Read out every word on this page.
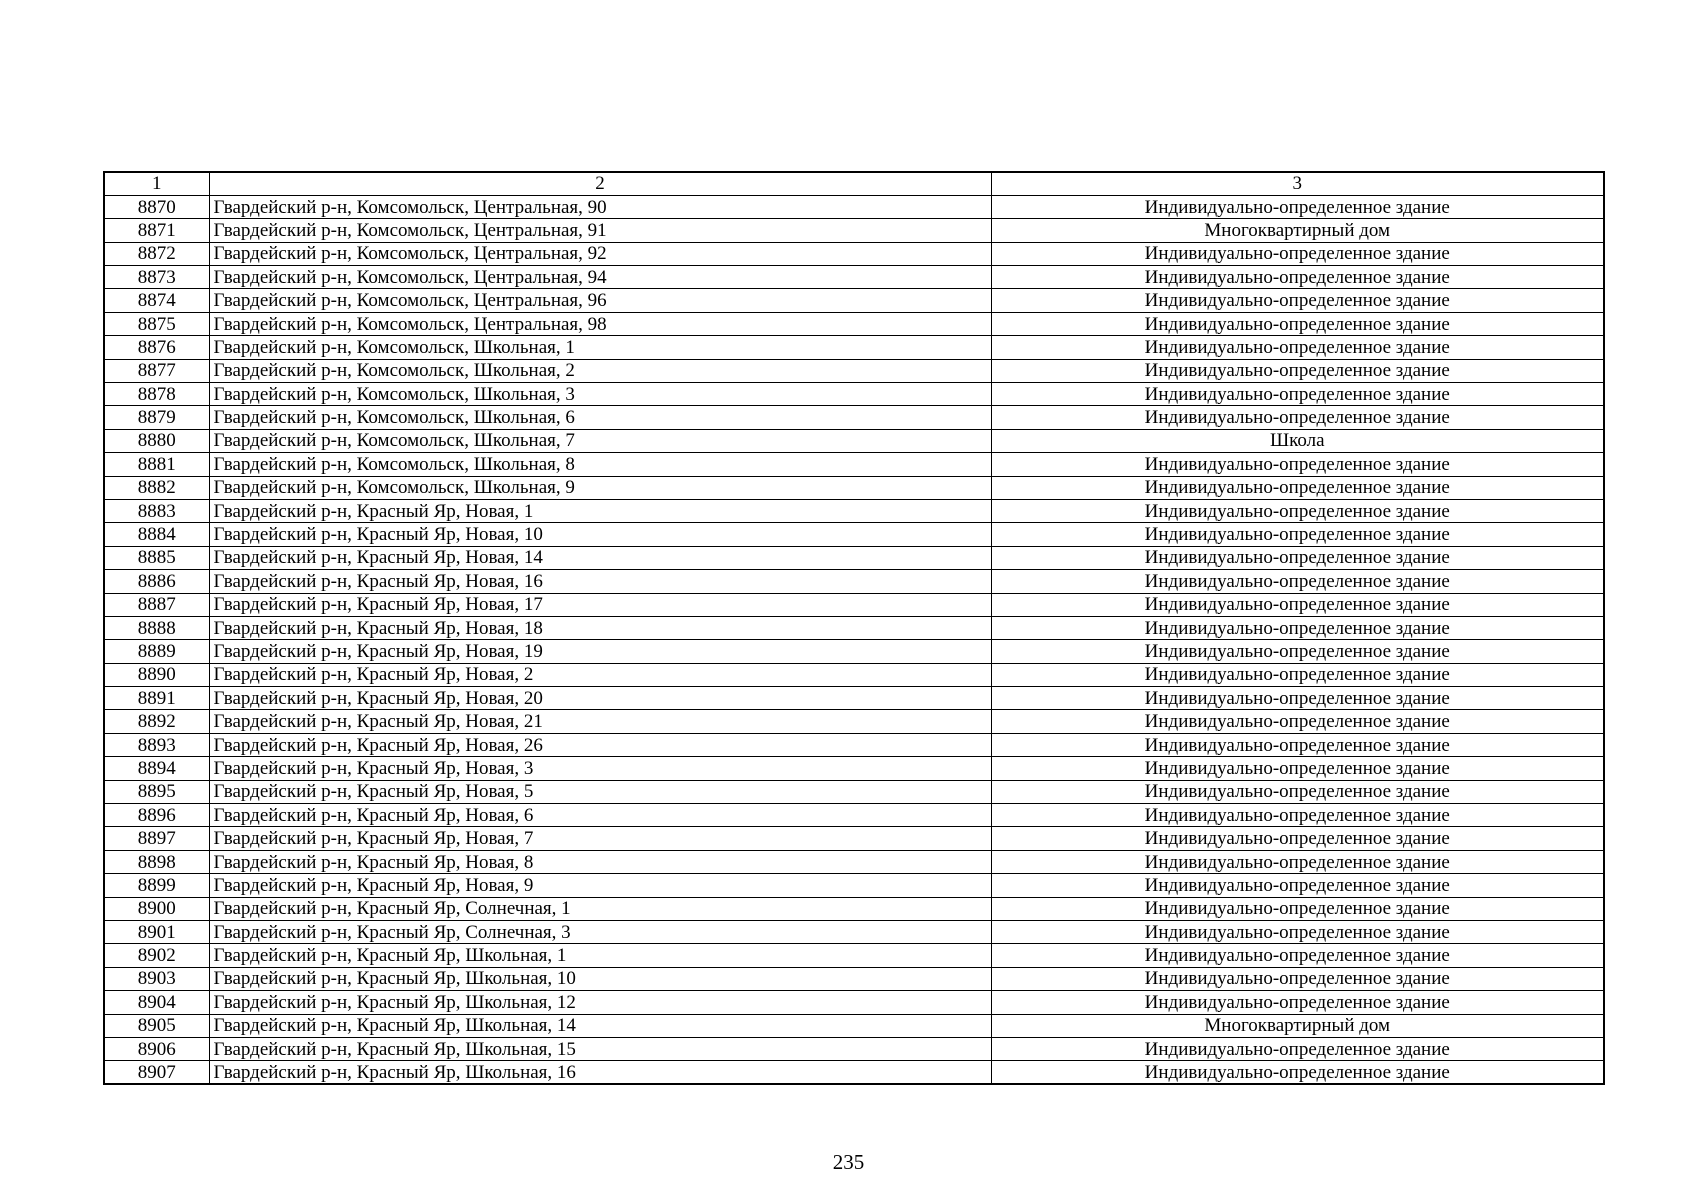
1	2	3
8870	Гвардейский р-н, Комсомольск, Центральная, 90	Индивидуально-определенное здание
8871	Гвардейский р-н, Комсомольск, Центральная, 91	Многоквартирный дом
8872	Гвардейский р-н, Комсомольск, Центральная, 92	Индивидуально-определенное здание
8873	Гвардейский р-н, Комсомольск, Центральная, 94	Индивидуально-определенное здание
8874	Гвардейский р-н, Комсомольск, Центральная, 96	Индивидуально-определенное здание
8875	Гвардейский р-н, Комсомольск, Центральная, 98	Индивидуально-определенное здание
8876	Гвардейский р-н, Комсомольск, Школьная, 1	Индивидуально-определенное здание
8877	Гвардейский р-н, Комсомольск, Школьная, 2	Индивидуально-определенное здание
8878	Гвардейский р-н, Комсомольск, Школьная, 3	Индивидуально-определенное здание
8879	Гвардейский р-н, Комсомольск, Школьная, 6	Индивидуально-определенное здание
8880	Гвардейский р-н, Комсомольск, Школьная, 7	Школа
8881	Гвардейский р-н, Комсомольск, Школьная, 8	Индивидуально-определенное здание
8882	Гвардейский р-н, Комсомольск, Школьная, 9	Индивидуально-определенное здание
8883	Гвардейский р-н, Красный Яр, Новая, 1	Индивидуально-определенное здание
8884	Гвардейский р-н, Красный Яр, Новая, 10	Индивидуально-определенное здание
8885	Гвардейский р-н, Красный Яр, Новая, 14	Индивидуально-определенное здание
8886	Гвардейский р-н, Красный Яр, Новая, 16	Индивидуально-определенное здание
8887	Гвардейский р-н, Красный Яр, Новая, 17	Индивидуально-определенное здание
8888	Гвардейский р-н, Красный Яр, Новая, 18	Индивидуально-определенное здание
8889	Гвардейский р-н, Красный Яр, Новая, 19	Индивидуально-определенное здание
8890	Гвардейский р-н, Красный Яр, Новая, 2	Индивидуально-определенное здание
8891	Гвардейский р-н, Красный Яр, Новая, 20	Индивидуально-определенное здание
8892	Гвардейский р-н, Красный Яр, Новая, 21	Индивидуально-определенное здание
8893	Гвардейский р-н, Красный Яр, Новая, 26	Индивидуально-определенное здание
8894	Гвардейский р-н, Красный Яр, Новая, 3	Индивидуально-определенное здание
8895	Гвардейский р-н, Красный Яр, Новая, 5	Индивидуально-определенное здание
8896	Гвардейский р-н, Красный Яр, Новая, 6	Индивидуально-определенное здание
8897	Гвардейский р-н, Красный Яр, Новая, 7	Индивидуально-определенное здание
8898	Гвардейский р-н, Красный Яр, Новая, 8	Индивидуально-определенное здание
8899	Гвардейский р-н, Красный Яр, Новая, 9	Индивидуально-определенное здание
8900	Гвардейский р-н, Красный Яр, Солнечная, 1	Индивидуально-определенное здание
8901	Гвардейский р-н, Красный Яр, Солнечная, 3	Индивидуально-определенное здание
8902	Гвардейский р-н, Красный Яр, Школьная, 1	Индивидуально-определенное здание
8903	Гвардейский р-н, Красный Яр, Школьная, 10	Индивидуально-определенное здание
8904	Гвардейский р-н, Красный Яр, Школьная, 12	Индивидуально-определенное здание
8905	Гвардейский р-н, Красный Яр, Школьная, 14	Многоквартирный дом
8906	Гвардейский р-н, Красный Яр, Школьная, 15	Индивидуально-определенное здание
8907	Гвардейский р-н, Красный Яр, Школьная, 16	Индивидуально-определенное здание
235
